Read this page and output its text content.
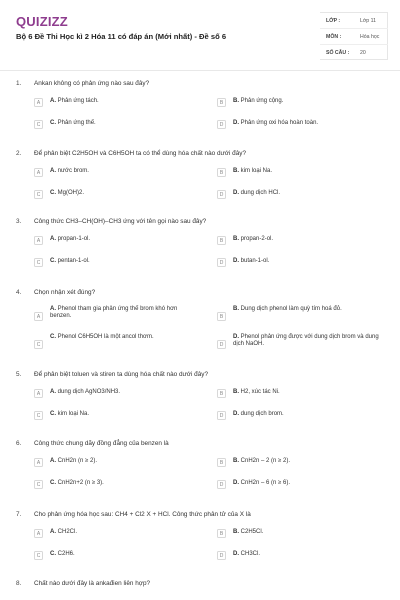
QUIZIZZ
Bộ 6 Đề Thi Học kì 2 Hóa 11 có đáp án (Mới nhất) - Đề số 6
LỚP :	Lớp 11
MÔN :	Hóa học
SỐ CÂU : 20
1. Ankan không có phản ứng nào sau đây?
A	A. Phản ứng tách.	B	B. Phản ứng cộng.
C	C. Phản ứng thế.	D	D. Phản ứng oxi hóa hoàn toàn.
2. Để phân biệt C2H5OH và C6H5OH ta có thể dùng hóa chất nào dưới đây?
A	A. nước brom.	B	B. kim loại Na.
C	C. Mg(OH)2.	D	D. dung dịch HCl.
3. Công thức CH3–CH(OH)–CH3 ứng với tên gọi nào sau đây?
A	A. propan-1-ol.	B	B. propan-2-ol.
C	C. pentan-1-ol.	D	D. butan-1-ol.
4. Chọn nhận xét đúng?
A
A. Phenol tham gia phản ứng thế brom khó hơn benzen.	B
B. Dung dịch phenol làm quỳ tím hoá đỏ.
C
C. Phenol C6H5OH là một ancol thơm.
D
D. Phenol phản ứng được với dung dịch brom và dung dịch NaOH.
5. Để phân biệt toluen và stiren ta dùng hóa chất nào dưới đây?
A	A. dung dịch AgNO3/NH3.	B	B. H2, xúc tác Ni.
C	C. kim loại Na.	D	D. dung dịch brom.
6. Công thức chung dãy đồng đẳng của benzen là
A	A. CnH2n (n ≥ 2).	B	B. CnH2n – 2 (n ≥ 2).
C	C. CnH2n+2 (n ≥ 3).	D	D. CnH2n – 6 (n ≥ 6).
7. Cho phản ứng hóa học sau: CH4 + Cl2 X + HCl. Công thức phân tử của X là
A	A. CH2Cl.	B	B. C2H5Cl.
C	C. C2H6.	D	D. CH3Cl.
8. Chất nào dưới đây là ankađien liên hợp?
